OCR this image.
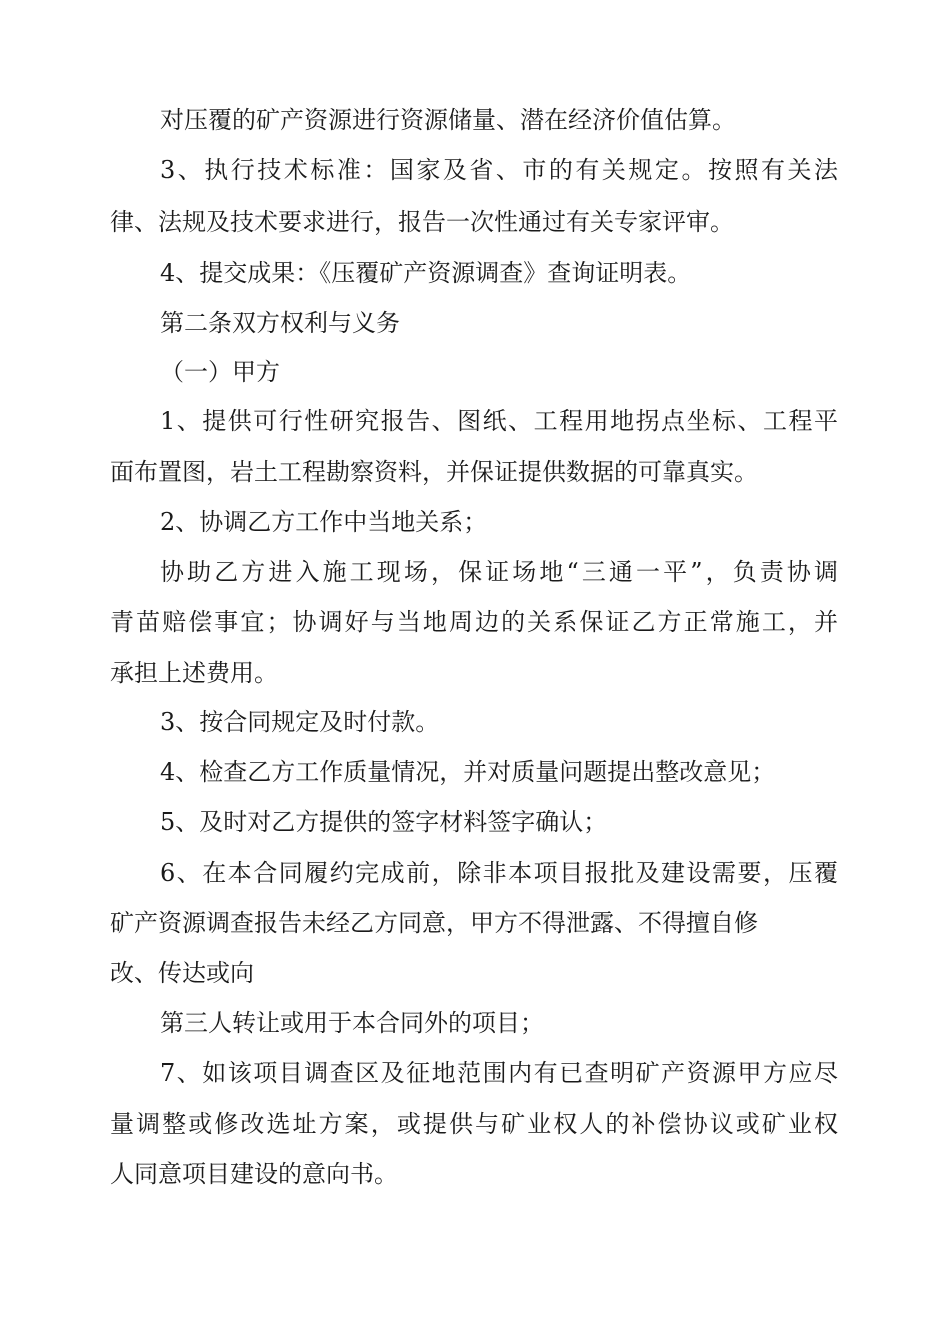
对压覆的矿产资源进行资源储量、潜在经济价值估算。
3、执行技术标准：国家及省、市的有关规定。按照有关法
律、法规及技术要求进行，报告一次性通过有关专家评审。
4、提交成果：《压覆矿产资源调查》查询证明表。
第二条双方权利与义务
（一）甲方
1、提供可行性研究报告、图纸、工程用地拐点坐标、工程平
面布置图，岩土工程勘察资料，并保证提供数据的可靠真实。
2、协调乙方工作中当地关系；
协助乙方进入施工现场，保证场地“三通一平”，负责协调
青苗赔偿事宜；协调好与当地周边的关系保证乙方正常施工，并
承担上述费用。
3、按合同规定及时付款。
4、检查乙方工作质量情况，并对质量问题提出整改意见；
5、及时对乙方提供的签字材料签字确认；
6、在本合同履约完成前，除非本项目报批及建设需要，压覆
矿产资源调查报告未经乙方同意，甲方不得泄露、不得擅自修
改、传达或向
第三人转让或用于本合同外的项目；
7、如该项目调查区及征地范围内有已查明矿产资源甲方应尽
量调整或修改选址方案，或提供与矿业权人的补偿协议或矿业权
人同意项目建设的意向书。
